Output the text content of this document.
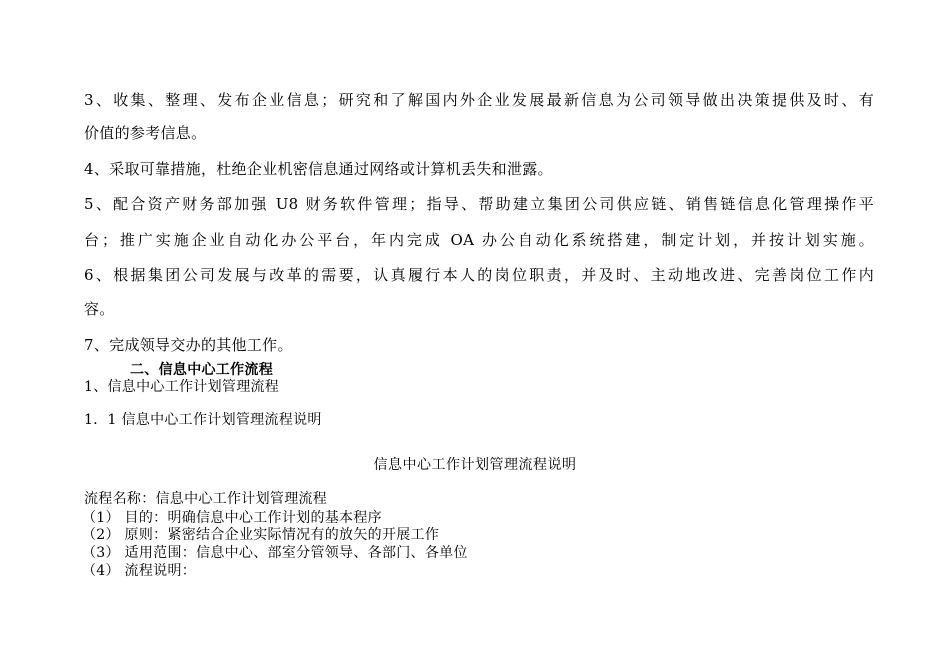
3、收集、整理、发布企业信息；研究和了解国内外企业发展最新信息为公司领导做出决策提供及时、有
价值的参考信息。
4、采取可靠措施，杜绝企业机密信息通过网络或计算机丢失和泄露。
5、配合资产财务部加强 U8 财务软件管理；指导、帮助建立集团公司供应链、销售链信息化管理操作平
台；推广实施企业自动化办公平台，年内完成 OA 办公自动化系统搭建，制定计划，并按计划实施。
6、根据集团公司发展与改革的需要，认真履行本人的岗位职责，并及时、主动地改进、完善岗位工作内
容。
7、完成领导交办的其他工作。
二、信息中心工作流程
1、信息中心工作计划管理流程
1．1 信息中心工作计划管理流程说明
信息中心工作计划管理流程说明
流程名称：信息中心工作计划管理流程
（1） 目的：明确信息中心工作计划的基本程序
（2） 原则：紧密结合企业实际情况有的放矢的开展工作
（3） 适用范围：信息中心、部室分管领导、各部门、各单位
（4） 流程说明：
